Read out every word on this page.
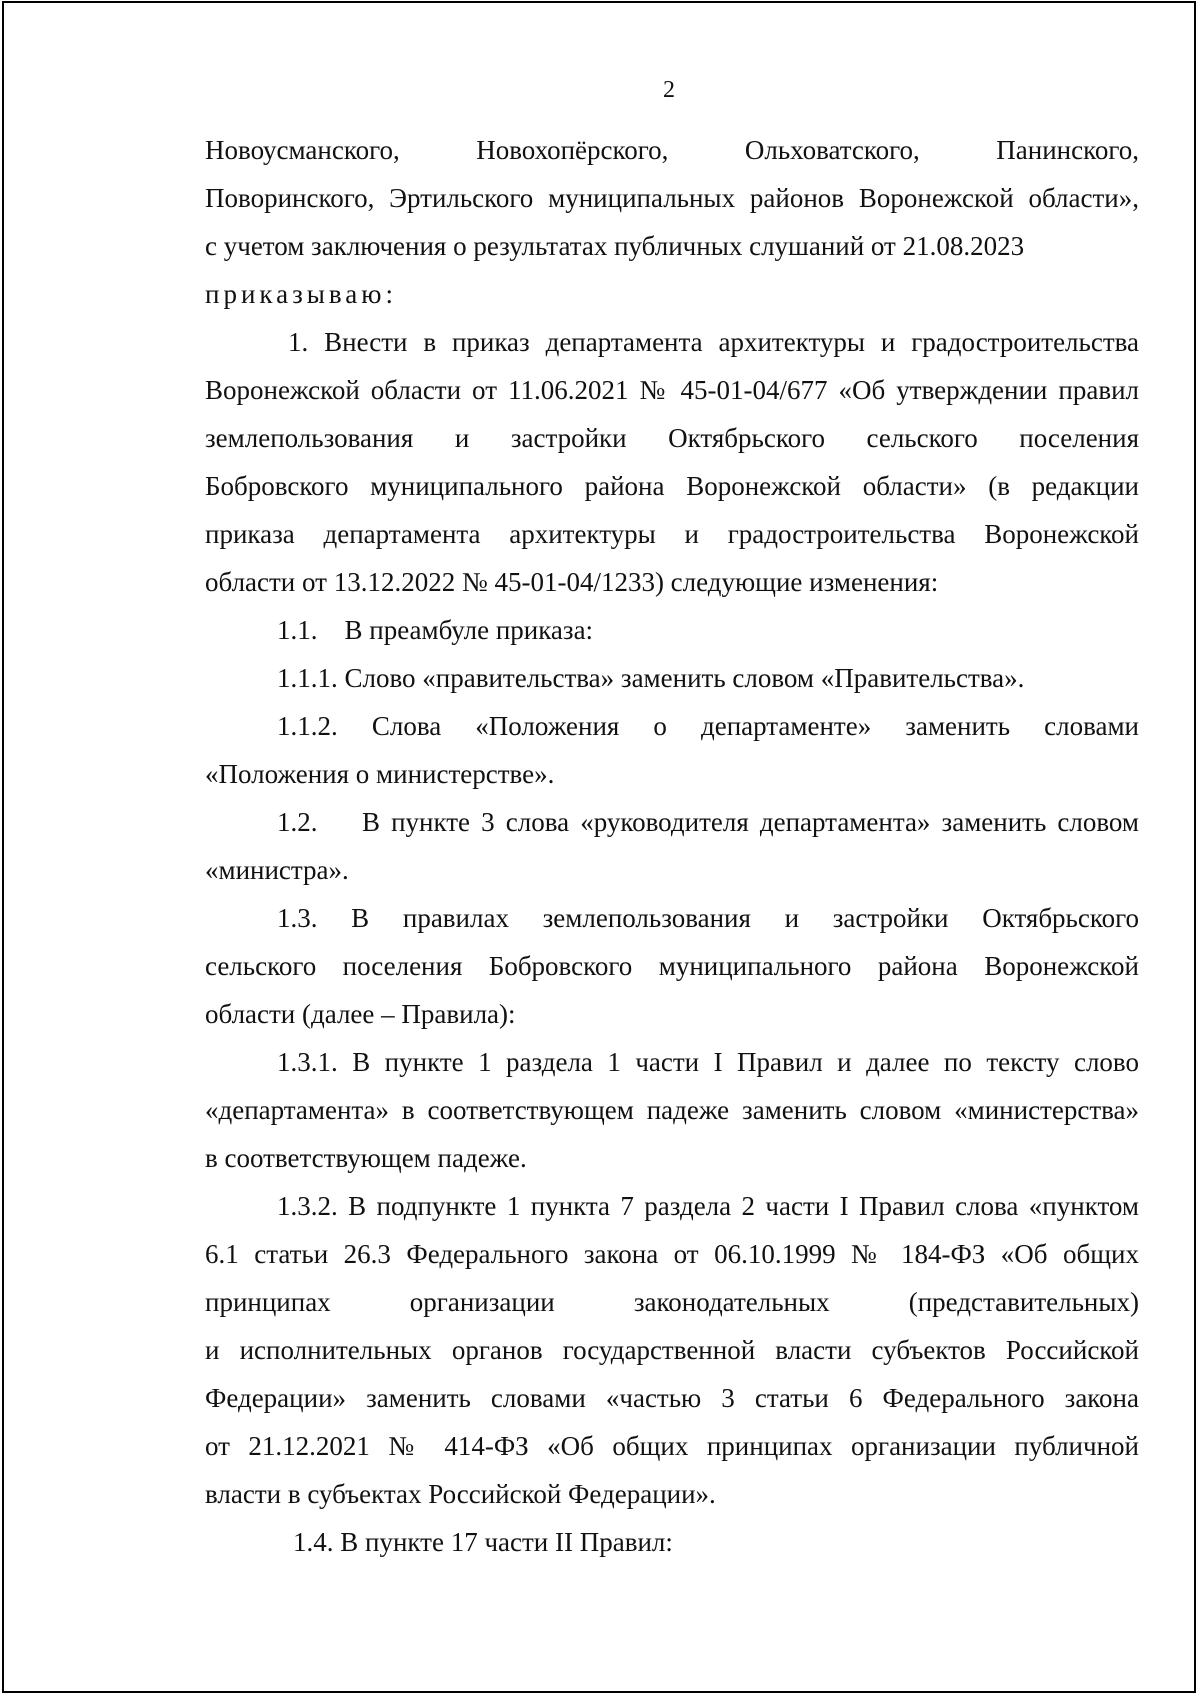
2
Новоусманского, Новохопёрского, Ольховатского, Панинского,
Поворинского, Эртильского муниципальных районов Воронежской области»,
с учетом заключения о результатах публичных слушаний от 21.08.2023
приказываю:
1. Внести в приказ департамента архитектуры и градостроительства
Воронежской области от 11.06.2021 № 45-01-04/677 «Об утверждении правил
землепользования и застройки Октябрьского сельского поселения
Бобровского муниципального района Воронежской области» (в редакции
приказа департамента архитектуры и градостроительства Воронежской
области от 13.12.2022 № 45-01-04/1233) следующие изменения:
1.1.    В преамбуле приказа:
1.1.1. Слово «правительства» заменить словом «Правительства».
1.1.2. Слова «Положения о департаменте» заменить словами
«Положения о министерстве».
1.2.    В пункте 3 слова «руководителя департамента» заменить словом
«министра».
1.3. В правилах землепользования и застройки Октябрьского
сельского поселения Бобровского муниципального района Воронежской
области (далее – Правила):
1.3.1. В пункте 1 раздела 1 части I Правил и далее по тексту слово
«департамента» в соответствующем падеже заменить словом «министерства»
в соответствующем падеже.
1.3.2. В подпункте 1 пункта 7 раздела 2 части I Правил слова «пунктом
6.1 статьи 26.3 Федерального закона от 06.10.1999 № 184-ФЗ «Об общих
принципах организации законодательных (представительных)
и исполнительных органов государственной власти субъектов Российской
Федерации» заменить словами «частью 3 статьи 6 Федерального закона
от 21.12.2021 № 414-ФЗ «Об общих принципах организации публичной
власти в субъектах Российской Федерации».
1.4. В пункте 17 части II Правил:
